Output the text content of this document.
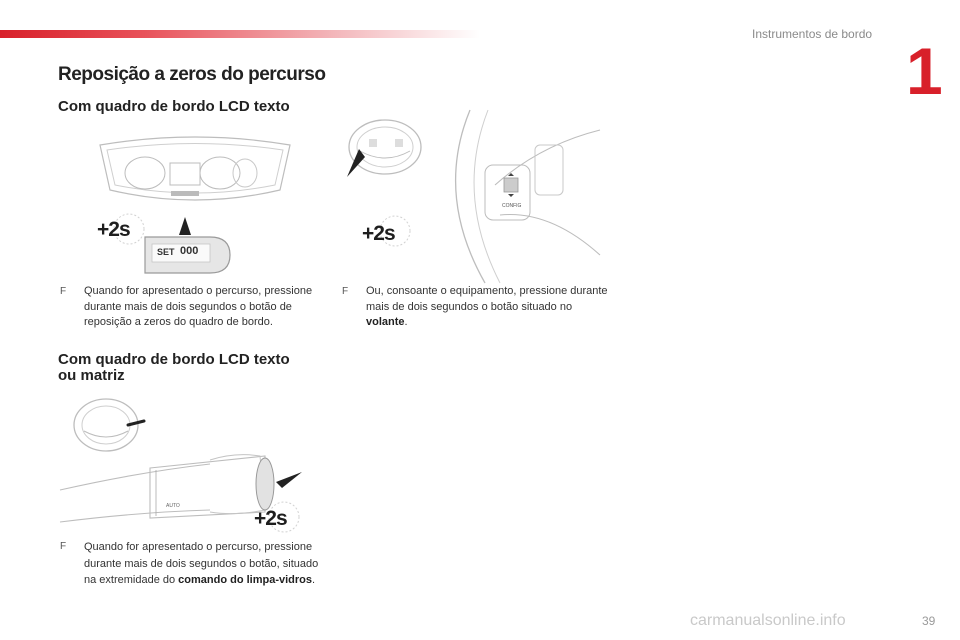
Instrumentos de bordo 1
Reposição a zeros do percurso
Com quadro de bordo LCD texto
SET 000
+2s
F	Quando for apresentado o percurso, pressione durante mais de dois segundos o botão de reposição a zeros do quadro de bordo.
CONFIG
+2s
F	Ou, consoante o equipamento, pressione durante mais de dois segundos o botão situado no volante.
Com quadro de bordo LCD texto
ou matriz
AUTO
+2s
F	Quando for apresentado o percurso, pressione durante mais de dois segundos o botão, situado na extremidade do comando do limpa-vidros.
carmanualsonline.info	39
